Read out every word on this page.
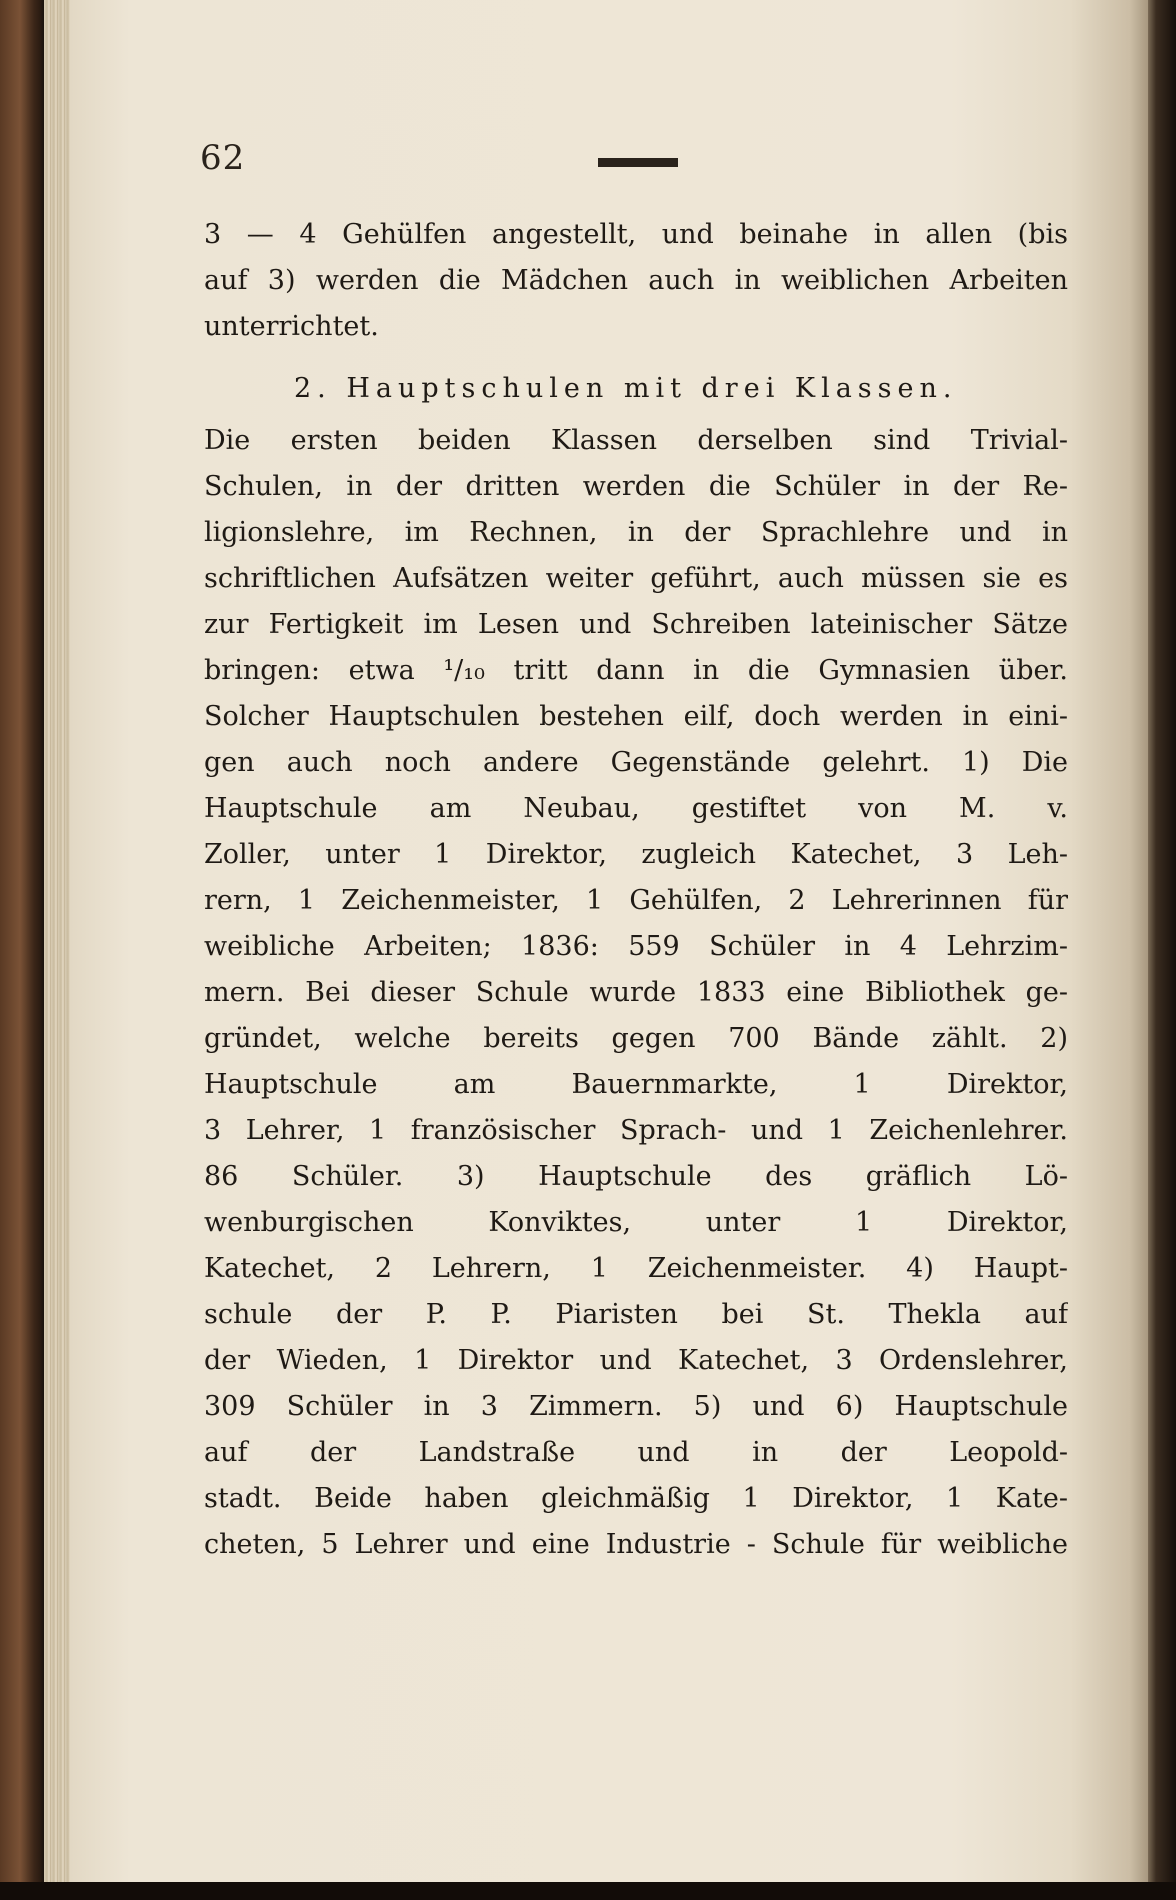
62
3 — 4 Gehülfen angestellt, und beinahe in allen (bis
auf 3) werden die Mädchen auch in weiblichen Arbeiten
unterrichtet.
2. Hauptschulen mit drei Klassen.
Die ersten beiden Klassen derselben sind Trivial-
Schulen, in der dritten werden die Schüler in der Re-
ligionslehre, im Rechnen, in der Sprachlehre und in
schriftlichen Aufsätzen weiter geführt, auch müssen sie es
zur Fertigkeit im Lesen und Schreiben lateinischer Sätze
bringen: etwa ¹/₁₀ tritt dann in die Gymnasien über.
Solcher Hauptschulen bestehen eilf, doch werden in eini-
gen auch noch andere Gegenstände gelehrt. 1) Die
Hauptschule am Neubau, gestiftet von M. v.
Zoller, unter 1 Direktor, zugleich Katechet, 3 Leh-
rern, 1 Zeichenmeister, 1 Gehülfen, 2 Lehrerinnen für
weibliche Arbeiten; 1836: 559 Schüler in 4 Lehrzim-
mern. Bei dieser Schule wurde 1833 eine Bibliothek ge-
gründet, welche bereits gegen 700 Bände zählt. 2)
Hauptschule am Bauernmarkte, 1 Direktor,
3 Lehrer, 1 französischer Sprach- und 1 Zeichenlehrer.
86 Schüler. 3) Hauptschule des gräflich Lö-
wenburgischen Konviktes, unter 1 Direktor,
Katechet, 2 Lehrern, 1 Zeichenmeister. 4) Haupt-
schule der P. P. Piaristen bei St. Thekla auf
der Wieden, 1 Direktor und Katechet, 3 Ordenslehrer,
309 Schüler in 3 Zimmern. 5) und 6) Hauptschule
auf der Landstraße und in der Leopold-
stadt. Beide haben gleichmäßig 1 Direktor, 1 Kate-
cheten, 5 Lehrer und eine Industrie - Schule für weibliche
